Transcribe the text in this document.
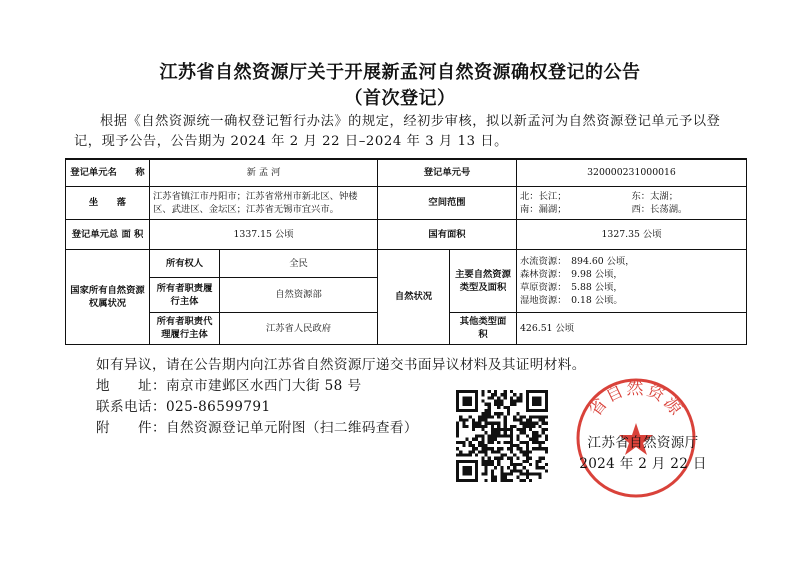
江苏省自然资源厅关于开展新孟河自然资源确权登记的公告
（首次登记）
根据《自然资源统一确权登记暂行办法》的规定，经初步审核，拟以新孟河为自然资源登记单元予以登记，现予公告，公告期为 2024 年 2 月 22 日–2024 年 3 月 13 日。
登记单元名　　称	新 孟 河	登记单元号	320000231000016
坐　　落	江苏省镇江市丹阳市；江苏省常州市新北区、钟楼区、武进区、金坛区；江苏省无锡市宜兴市。	空间范围	
北：长江；	东：太湖；
南：漏湖；	西：长荡湖。

登记单元总 面 积	1337.15 公顷	国有面积	1327.35 公顷
国家所有自然资源权属状况	所有权人	全民	自然状况	主要自然资源类型及面积	
水流资源：　894.60 公顷，
森林资源：　9.98 公顷，
草原资源：　5.88 公顷，
湿地资源：　0.18 公顷。

所有者职责履行主体	自然资源部
所有者职责代理履行主体	江苏省人民政府	其他类型面　　积	426.51 公顷
如有异议，请在公告期内向江苏省自然资源厅递交书面异议材料及其证明材料。
地　　址：南京市建邺区水西门大街 58 号
联系电话：025-86599791
附　　件：自然资源登记单元附图（扫二维码查看）
省自然资源
江苏省自然资源厅
2024 年 2 月 22 日
